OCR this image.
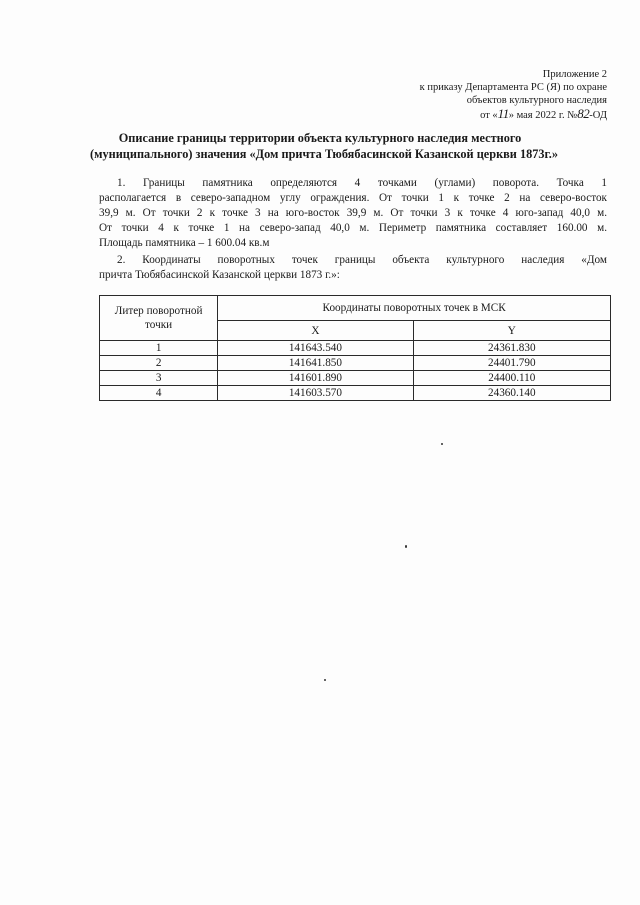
Приложение 2
к приказу Департамента РС (Я) по охране
объектов культурного наследия
от «11» мая 2022 г. №82-ОД
Описание границы территории объекта культурного наследия местного
(муниципального) значения «Дом причта Тюбябасинской Казанской церкви 1873г.»
1. Границы памятника определяются 4 точками (углами) поворота. Точка 1
располагается в северо-западном углу ограждения. От точки 1 к точке 2 на северо-восток
39,9 м. От точки 2 к точке 3 на юго-восток 39,9 м. От точки 3 к точке 4 юго-запад 40,0 м.
От точки 4 к точке 1 на северо-запад 40,0 м. Периметр памятника составляет 160.00 м.
Площадь памятника – 1 600.04 кв.м
2. Координаты поворотных точек границы объекта культурного наследия «Дом
причта Тюбябасинской Казанской церкви 1873 г.»:
Литер поворотной точки	Координаты поворотных точек в МСК	
	X	Y
1	141643.540	24361.830
2	141641.850	24401.790
3	141601.890	24400.110
4	141603.570	24360.140
